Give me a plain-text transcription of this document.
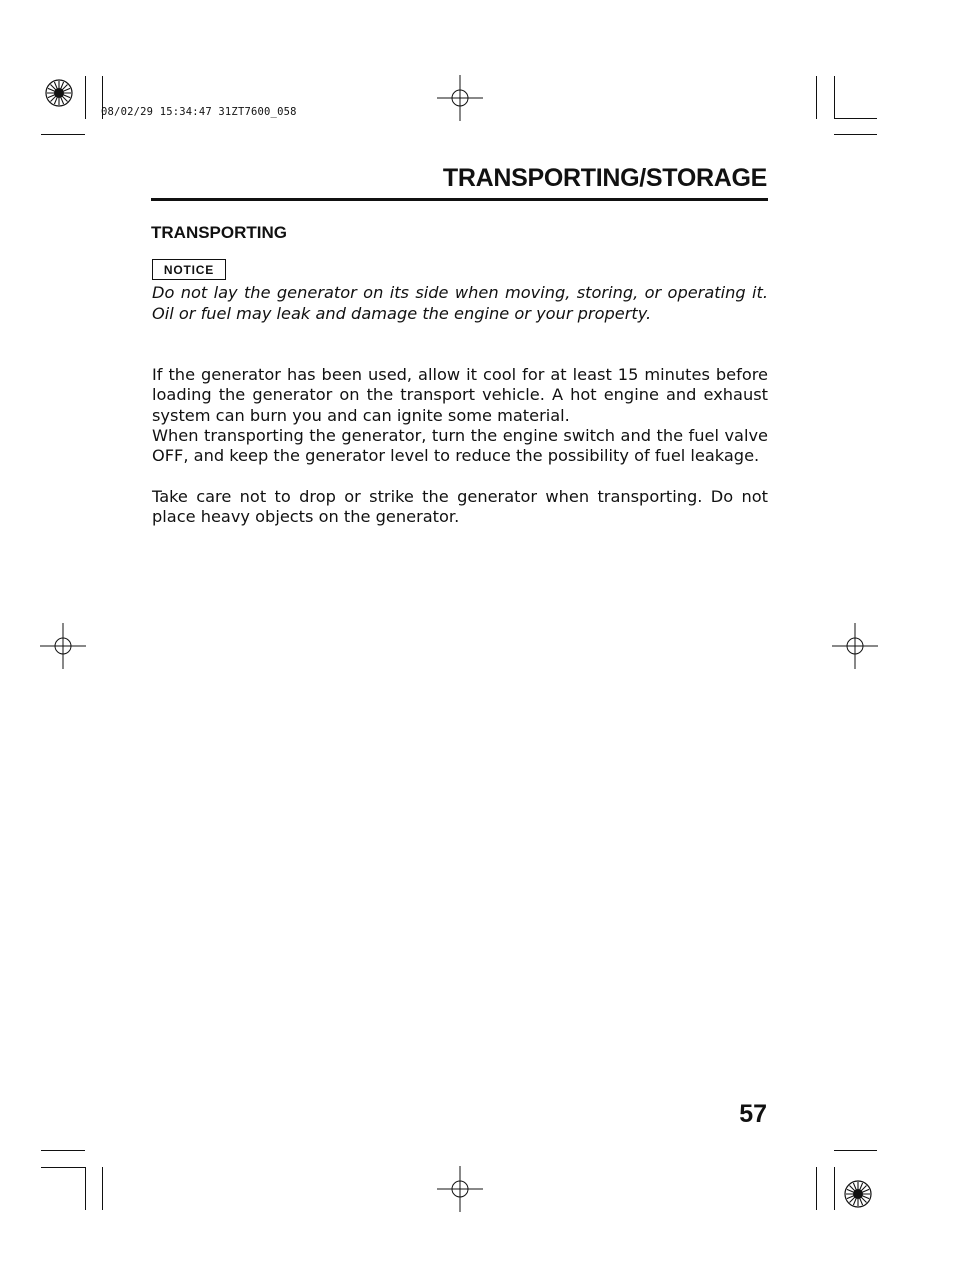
08/02/29 15:34:47 31ZT7600_058
TRANSPORTING/STORAGE
TRANSPORTING
NOTICE

Do not lay the generator on its side when moving, storing, or operating it. Oil or fuel may leak and damage the engine or your property.

If the generator has been used, allow it cool for at least 15 minutes before loading the generator on the transport vehicle. A hot engine and exhaust system can burn you and can ignite some material.

When transporting the generator, turn the engine switch and the fuel valve OFF, and keep the generator level to reduce the possibility of fuel leakage.

Take care not to drop or strike the generator when transporting. Do not place heavy objects on the generator.

57
